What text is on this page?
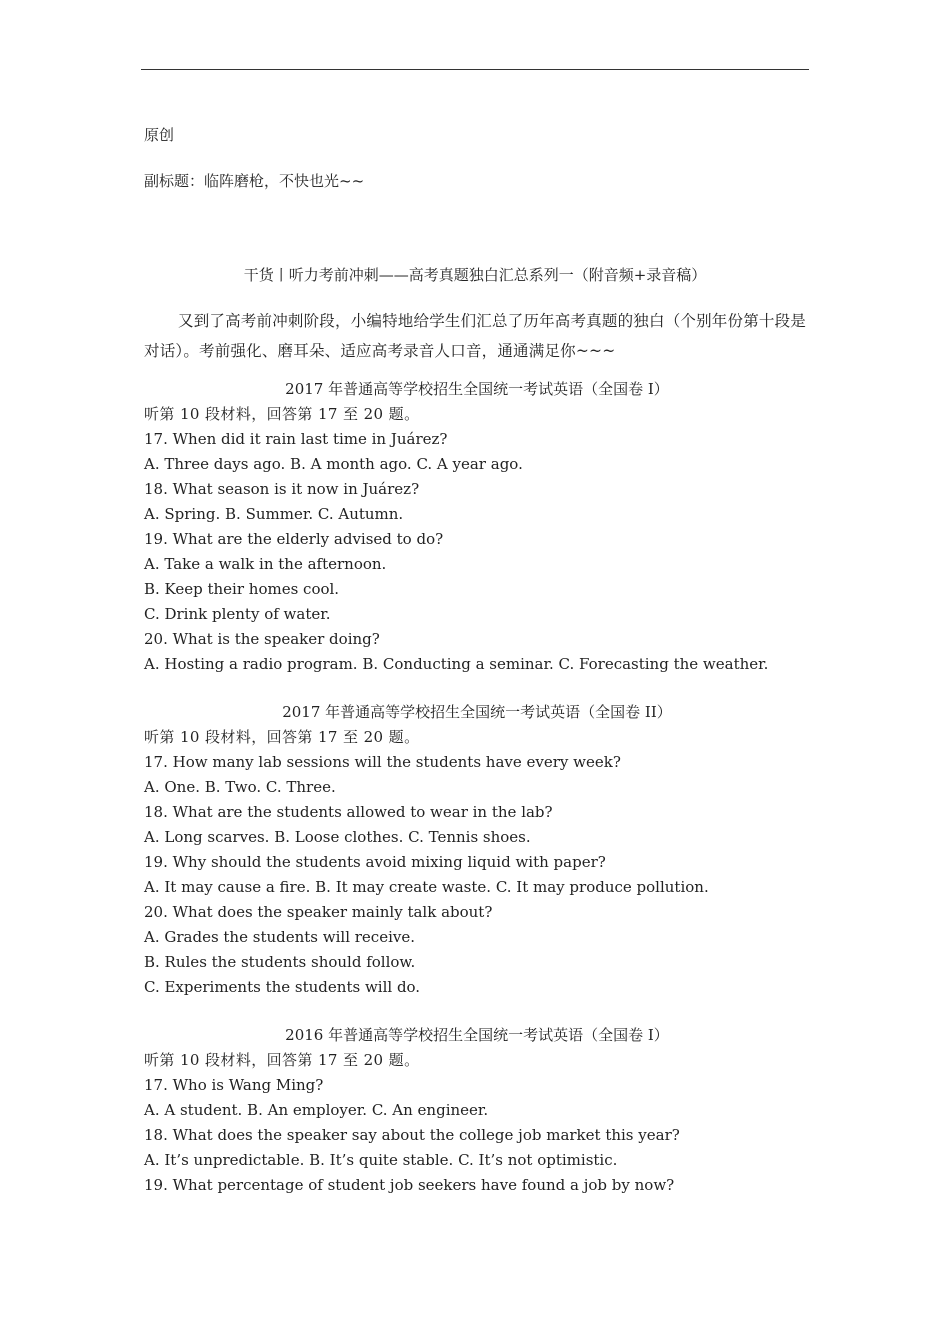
原创

副标题：临阵磨枪，不快也光~~

干货丨听力考前冲刺——高考真题独白汇总系列一（附音频+录音稿）

又到了高考前冲刺阶段，小编特地给学生们汇总了历年高考真题的独白（个别年份第十段是对话）。考前强化、磨耳朵、适应高考录音人口音，通通满足你~~~

2017 年普通高等学校招生全国统一考试英语（全国卷 I）

听第 10 段材料，回答第 17 至 20 题。

17. When did it rain last time in Juárez?

A. Three days ago. B. A month ago. C. A year ago.

18. What season is it now in Juárez?

A. Spring. B. Summer. C. Autumn.

19. What are the elderly advised to do?

A. Take a walk in the afternoon.

B. Keep their homes cool.

C. Drink plenty of water.

20. What is the speaker doing?

A. Hosting a radio program. B. Conducting a seminar. C. Forecasting the weather.

2017 年普通高等学校招生全国统一考试英语（全国卷 II）

听第 10 段材料，回答第 17 至 20 题。

17. How many lab sessions will the students have every week?

A. One. B. Two. C. Three.

18. What are the students allowed to wear in the lab?

A. Long scarves. B. Loose clothes. C. Tennis shoes.

19. Why should the students avoid mixing liquid with paper?

A. It may cause a fire. B. It may create waste. C. It may produce pollution.

20. What does the speaker mainly talk about?

A. Grades the students will receive.

B. Rules the students should follow.

C. Experiments the students will do.

2016 年普通高等学校招生全国统一考试英语（全国卷 I）

听第 10 段材料，回答第 17 至 20 题。

17. Who is Wang Ming?

A. A student. B. An employer. C. An engineer.

18. What does the speaker say about the college job market this year?

A. It’s unpredictable. B. It’s quite stable. C. It’s not optimistic.

19. What percentage of student job seekers have found a job by now?
